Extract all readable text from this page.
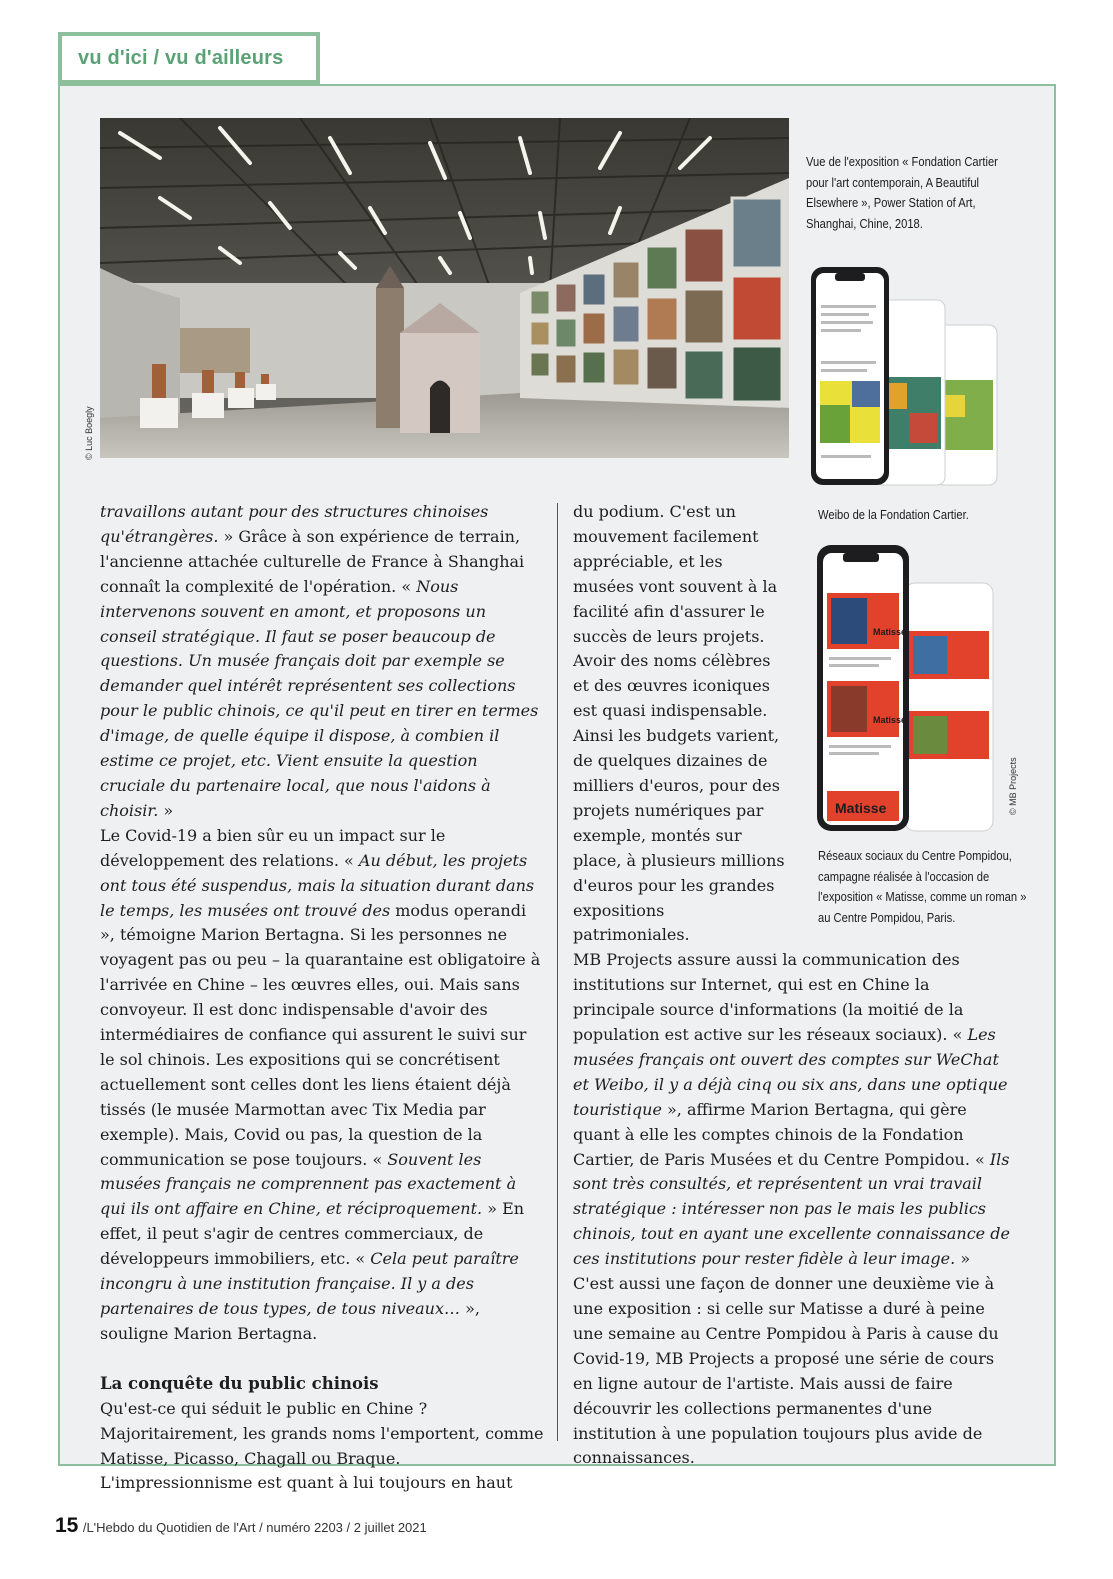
vu d'ici / vu d'ailleurs
© Luc Boegly
Vue de l'exposition « Fondation Cartier pour l'art contemporain, A Beautiful Elsewhere », Power Station of Art, Shanghai, Chine, 2018.
Weibo de la Fondation Cartier.
Matisse
Matisse
Matisse	© MB Projects
Réseaux sociaux du Centre Pompidou, campagne réalisée à l'occasion de l'exposition « Matisse, comme un roman » au Centre Pompidou, Paris.

travaillons autant pour des structures chinoises qu'étrangères. » Grâce à son expérience de terrain, l'ancienne attachée culturelle de France à Shanghai connaît la complexité de l'opération. « Nous intervenons souvent en amont, et proposons un conseil stratégique. Il faut se poser beaucoup de questions. Un musée français doit par exemple se demander quel intérêt représentent ses collections pour le public chinois, ce qu'il peut en tirer en termes d'image, de quelle équipe il dispose, à combien il estime ce projet, etc. Vient ensuite la question cruciale du partenaire local, que nous l'aidons à choisir. »

Le Covid-19 a bien sûr eu un impact sur le développement des relations. « Au début, les projets ont tous été suspendus, mais la situation durant dans le temps, les musées ont trouvé des modus operandi », témoigne Marion Bertagna. Si les personnes ne voyagent pas ou peu – la quarantaine est obligatoire à l'arrivée en Chine – les œuvres elles, oui. Mais sans convoyeur. Il est donc indispensable d'avoir des intermédiaires de confiance qui assurent le suivi sur le sol chinois. Les expositions qui se concrétisent actuellement sont celles dont les liens étaient déjà tissés (le musée Marmottan avec Tix Media par exemple). Mais, Covid ou pas, la question de la communication se pose toujours. « Souvent les musées français ne comprennent pas exactement à qui ils ont affaire en Chine, et réciproquement. » En effet, il peut s'agir de centres commerciaux, de développeurs immobiliers, etc. « Cela peut paraître incongru à une institution française. Il y a des partenaires de tous types, de tous niveaux… », souligne Marion Bertagna.

La conquête du public chinois

Qu'est-ce qui séduit le public en Chine ? Majoritairement, les grands noms l'emportent, comme Matisse, Picasso, Chagall ou Braque. L'impressionnisme est quant à lui toujours en haut

du podium. C'est un mouvement facilement appréciable, et les musées vont souvent à la facilité afin d'assurer le succès de leurs projets. Avoir des noms célèbres et des œuvres iconiques est quasi indispensable. Ainsi les budgets varient, de quelques dizaines de milliers d'euros, pour des projets numériques par exemple, montés sur place, à plusieurs millions d'euros pour les grandes expositions patrimoniales.

MB Projects assure aussi la communication des institutions sur Internet, qui est en Chine la principale source d'informations (la moitié de la population est active sur les réseaux sociaux). « Les musées français ont ouvert des comptes sur WeChat et Weibo, il y a déjà cinq ou six ans, dans une optique touristique », affirme Marion Bertagna, qui gère quant à elle les comptes chinois de la Fondation Cartier, de Paris Musées et du Centre Pompidou. « Ils sont très consultés, et représentent un vrai travail stratégique : intéresser non pas le mais les publics chinois, tout en ayant une excellente connaissance de ces institutions pour rester fidèle à leur image. » C'est aussi une façon de donner une deuxième vie à une exposition : si celle sur Matisse a duré à peine une semaine au Centre Pompidou à Paris à cause du Covid-19, MB Projects a proposé une série de cours en ligne autour de l'artiste. Mais aussi de faire découvrir les collections permanentes d'une institution à une population toujours plus avide de connaissances.

15 /L'Hebdo du Quotidien de l'Art / numéro 2203 / 2 juillet 2021
